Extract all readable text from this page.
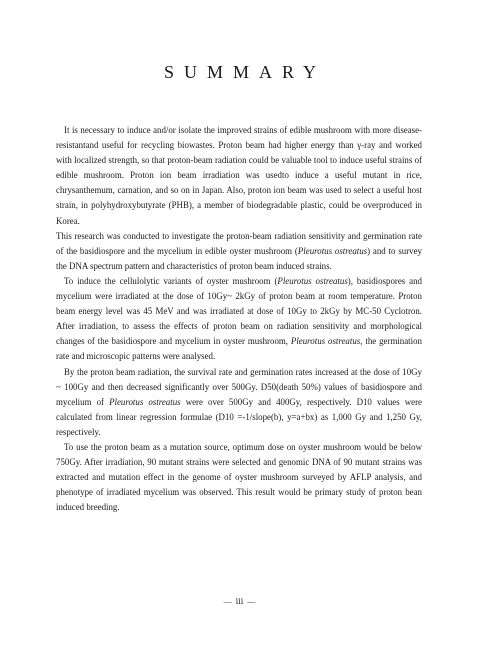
SUMMARY

It is necessary to induce and/or isolate the improved strains of edible mushroom with more disease-resistantand useful for recycling biowastes. Proton beam had higher energy than γ-ray and worked with localized strength, so that proton-beam radiation could be valuable tool to induce useful strains of edible mushroom. Proton ion beam irradiation was usedto induce a useful mutant in rice, chrysanthemum, carnation, and so on in Japan. Also, proton ion beam was used to select a useful host strain, in polyhydroxybutyrate (PHB), a member of biodegradable plastic, could be overproduced in Korea.

This research was conducted to investigate the proton-beam radiation sensitivity and germination rate of the basidiospore and the mycelium in edible oyster mushroom (Pleurotus ostreatus) and to survey the DNA spectrum pattern and characteristics of proton beam induced strains.

To induce the cellulolytic variants of oyster mushroom (Pleurotus ostreatus), basidiospores and mycelium were irradiated at the dose of 10Gy~ 2kGy of proton beam at room temperature. Proton beam energy level was 45 MeV and was irradiated at dose of 10Gy to 2kGy by MC-50 Cyclotron. After irradiation, to assess the effects of proton beam on radiation sensitivity and morphological changes of the basidiospore and mycelium in oyster mushroom, Pleurotus ostreatus, the germination rate and microscopic patterns were analysed.

By the proton beam radiation, the survival rate and germination rates increased at the dose of 10Gy ~ 100Gy and then decreased significantly over 500Gy. D50(death 50%) values of basidiospore and mycelium of Pleurotus ostreatus were over 500Gy and 400Gy, respectively. D10 values were calculated from linear regression formulae (D10 =-1/slope(b), y=a+bx) as 1,000 Gy and 1,250 Gy, respectively.

To use the proton beam as a mutation source, optimum dose on oyster mushroom would be below 750Gy. After irradiation, 90 mutant strains were selected and genomic DNA of 90 mutant strains was extracted and mutation effect in the genome of oyster mushroom surveyed by AFLP analysis, and phenotype of irradiated mycelium was observed. This result would be primary study of proton bean induced breeding.

— ⅲ —
